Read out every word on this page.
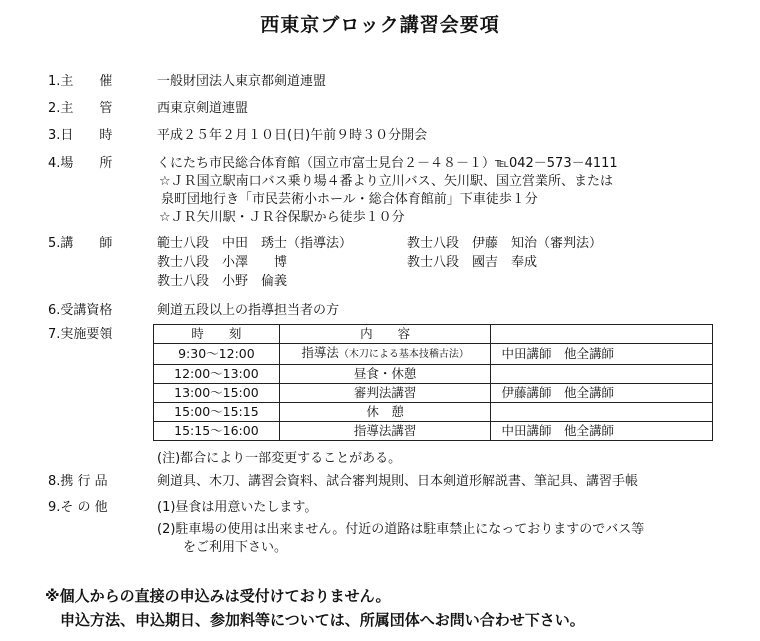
西東京ブロック講習会要項
1.主　　催	一般財団法人東京都剣道連盟
2.主　　管	西東京剣道連盟
3.日　　時	平成２５年２月１０日(日)午前９時３０分開会
4.場　　所	くにたち市民総合体育館（国立市富士見台２－４８－１）℡042－573－4111
☆ＪＲ国立駅南口バス乗り場４番より立川バス、矢川駅、国立営業所、または
泉町団地行き「市民芸術小ホール・総合体育館前」下車徒歩１分
☆ＪＲ矢川駅・ＪＲ谷保駅から徒歩１０分
5.講　　師	範士八段　中田　琇士（指導法）	教士八段　伊藤　知治（審判法）
教士八段　小澤　　博	教士八段　國吉　奉成
教士八段　小野　倫義
6.受講資格	剣道五段以上の指導担当者の方
7.実施要領	時　　刻	内　　容	
9:30～12:00	指導法（木刀による基本技稽古法）	中田講師　他全講師
12:00～13:00	昼食・休憩	
13:00～15:00	審判法講習	伊藤講師　他全講師
15:00～15:15	休　憩	
15:15～16:00	指導法講習	中田講師　他全講師
(注)都合により一部変更することがある。
8.携 行 品	剣道具、木刀、講習会資料、試合審判規則、日本剣道形解説書、筆記具、講習手帳
9.そ の 他	(1)昼食は用意いたします。
(2)駐車場の使用は出来ません。付近の道路は駐車禁止になっておりますのでバス等
　　をご利用下さい。
※個人からの直接の申込みは受付けておりません。
　申込方法、申込期日、参加料等については、所属団体へお問い合わせ下さい。
